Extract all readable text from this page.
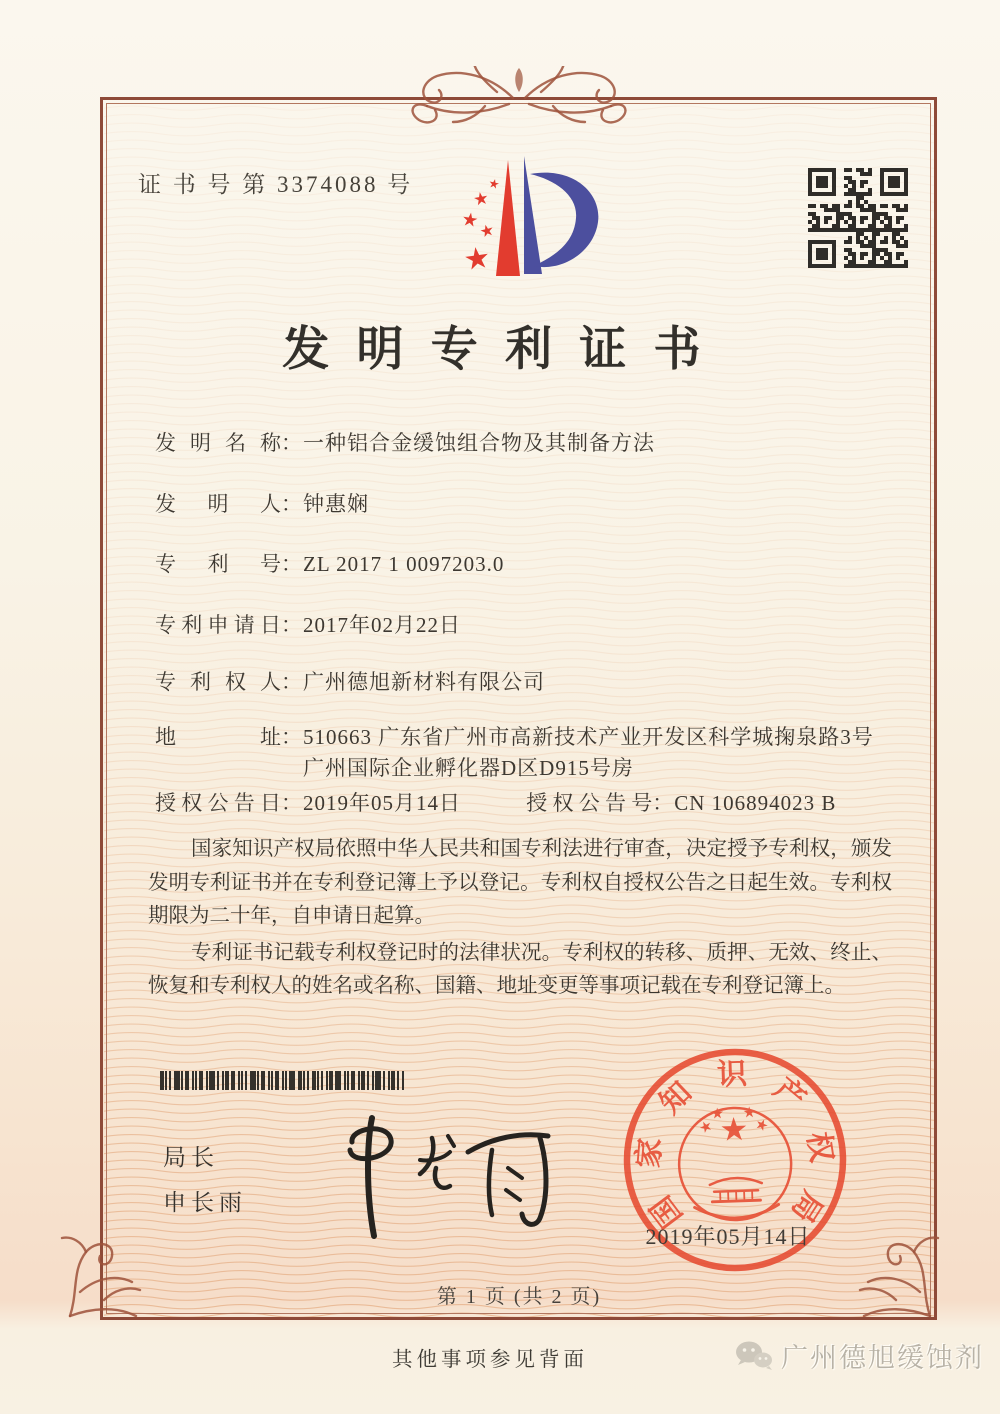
证 书 号 第 3374088 号
发明专利证书
发明名称：一种铝合金缓蚀组合物及其制备方法
发明人：钟惠娴
专利号：ZL 2017 1 0097203.0
专利申请日：2017年02月22日
专利权人：广州德旭新材料有限公司
地址：510663 广东省广州市高新技术产业开发区科学城掬泉路3号广州国际企业孵化器D区D915号房
授权公告日：2019年05月14日	授权公告号：CN 106894023 B

国家知识产权局依照中华人民共和国专利法进行审查，决定授予专利权，颁发发明专利证书并在专利登记簿上予以登记。专利权自授权公告之日起生效。专利权期限为二十年，自申请日起算。

专利证书记载专利权登记时的法律状况。专利权的转移、质押、无效、终止、恢复和专利权人的姓名或名称、国籍、地址变更等事项记载在专利登记簿上。

局长
申长雨	国
家
知
识 产
权
局
2019年05月14日
第 1 页 (共 2 页)
其他事项参见背面	广州德旭缓蚀剂
